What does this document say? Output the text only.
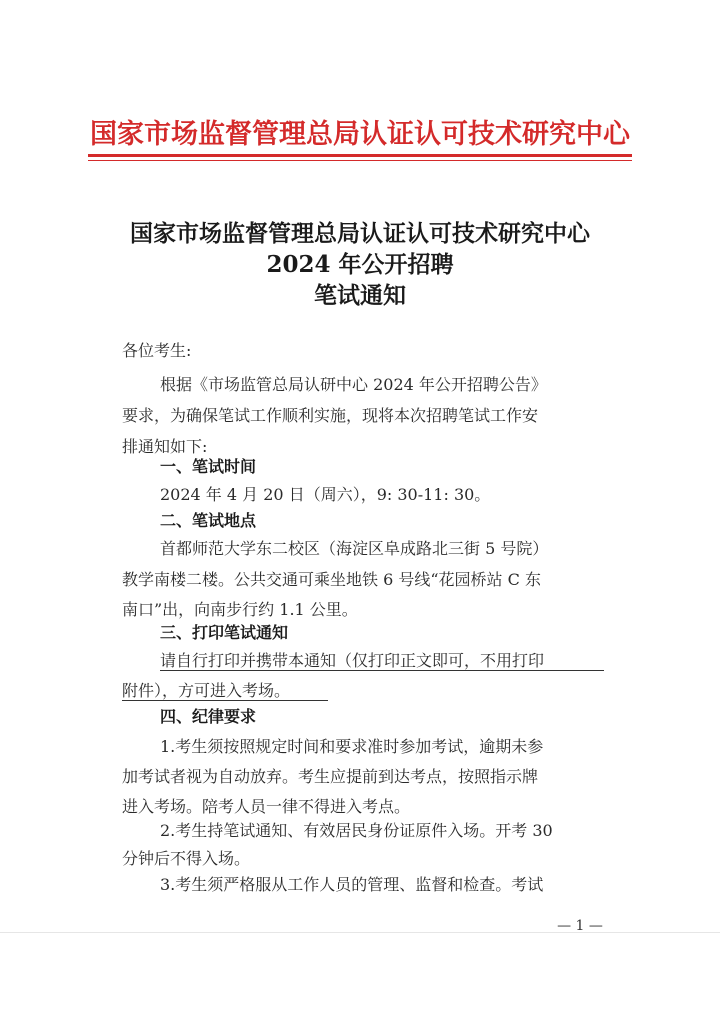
国家市场监督管理总局认证认可技术研究中心
国家市场监督管理总局认证认可技术研究中心
2024 年公开招聘
笔试通知
各位考生:
根据《市场监管总局认研中心 2024 年公开招聘公告》
要求，为确保笔试工作顺利实施，现将本次招聘笔试工作安
排通知如下:
一、笔试时间
2024 年 4 月 20 日（周六），9: 30-11: 30。
二、笔试地点
首都师范大学东二校区（海淀区阜成路北三街 5 号院）
教学南楼二楼。公共交通可乘坐地铁 6 号线“花园桥站 C 东
南口”出，向南步行约 1.1 公里。
三、打印笔试通知
请自行打印并携带本通知（仅打印正文即可，不用打印
附件），方可进入考场。
四、纪律要求
1.考生须按照规定时间和要求准时参加考试，逾期未参
加考试者视为自动放弃。考生应提前到达考点，按照指示牌
进入考场。陪考人员一律不得进入考点。
2.考生持笔试通知、有效居民身份证原件入场。开考 30
分钟后不得入场。
3.考生须严格服从工作人员的管理、监督和检查。考试
— 1 —
